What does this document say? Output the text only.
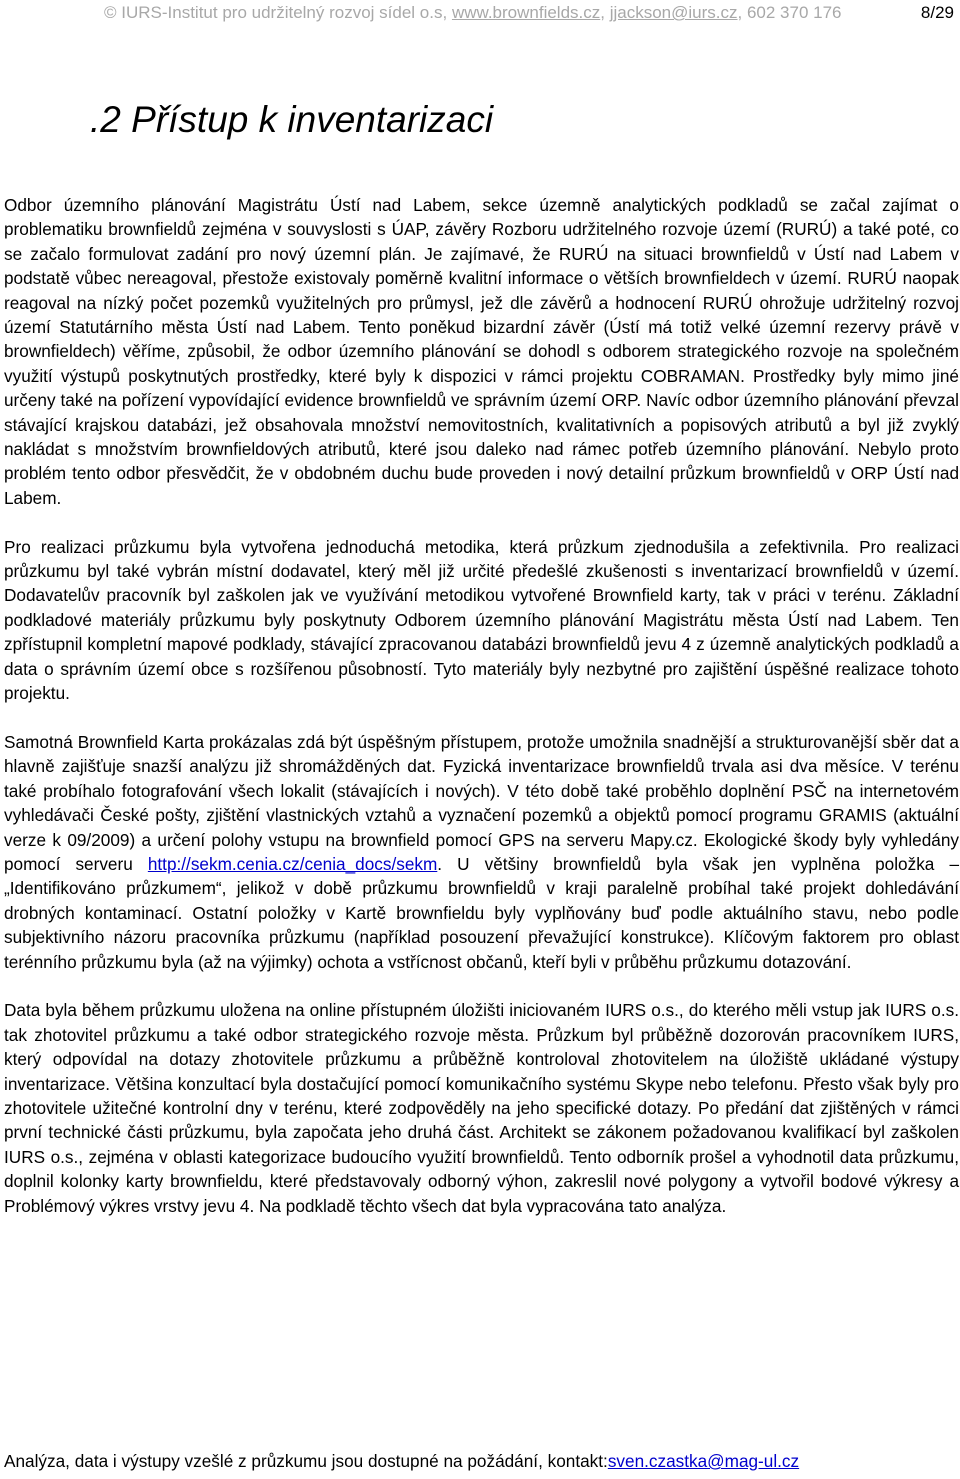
© IURS-Institut pro udržitelný rozvoj sídel o.s, www.brownfields.cz, jjackson@iurs.cz, 602 370 176	8/29
.2 Přístup k inventarizaci

Odbor územního plánování Magistrátu Ústí nad Labem, sekce územně analytických podkladů se začal zajímat o problematiku brownfieldů zejména v souvyslosti s ÚAP, závěry Rozboru udržitelného rozvoje území (RURÚ) a také poté, co se začalo formulovat zadání pro nový územní plán. Je zajímavé, že RURÚ na situaci brownfieldů v Ústí nad Labem v podstatě vůbec nereagoval, přestože existovaly poměrně kvalitní informace o větších brownfieldech v území. RURÚ naopak reagoval na nízký počet pozemků využitelných pro průmysl, jež dle závěrů a hodnocení RURÚ ohrožuje udržitelný rozvoj území Statutárního města Ústí nad Labem. Tento poněkud bizardní závěr (Ústí má totiž velké územní rezervy právě v brownfieldech) věříme, způsobil, že odbor územního plánování se dohodl s odborem strategického rozvoje na společném využití výstupů poskytnutých prostředky, které byly k dispozici v rámci projektu COBRAMAN. Prostředky byly mimo jiné určeny také na pořízení vypovídající evidence brownfieldů ve správním území ORP. Navíc odbor územního plánování převzal stávající krajskou databázi, jež obsahovala množství nemovitostních, kvalitativních a popisových atributů a byl již zvyklý nakládat s množstvím brownfieldových atributů, které jsou daleko nad rámec potřeb územního plánování. Nebylo proto problém tento odbor přesvědčit, že v obdobném duchu bude proveden i nový detailní průzkum brownfieldů v ORP Ústí nad Labem.

Pro realizaci průzkumu byla vytvořena jednoduchá metodika, která průzkum zjednodušila a zefektivnila. Pro realizaci průzkumu byl také vybrán místní dodavatel, který měl již určité předešlé zkušenosti s inventarizací brownfieldů v území. Dodavatelův pracovník byl zaškolen jak ve využívání metodikou vytvořené Brownfield karty, tak v práci v terénu. Základní podkladové materiály průzkumu byly poskytnuty Odborem územního plánování Magistrátu města Ústí nad Labem. Ten zpřístupnil kompletní mapové podklady, stávající zpracovanou databázi brownfieldů jevu 4 z územně analytických podkladů a data o správním území obce s rozšířenou působností. Tyto materiály byly nezbytné pro zajištění úspěšné realizace tohoto projektu.

Samotná Brownfield Karta prokázalas zdá být úspěšným přístupem, protože umožnila snadnější a strukturovanější sběr dat a hlavně zajišťuje snazší analýzu již shromážděných dat. Fyzická inventarizace brownfieldů trvala asi dva měsíce. V terénu také probíhalo fotografování všech lokalit (stávajících i nových). V této době také proběhlo doplnění PSČ na internetovém vyhledávači České pošty, zjištění vlastnických vztahů a vyznačení pozemků a objektů pomocí programu GRAMIS (aktuální verze k 09/2009) a určení polohy vstupu na brownfield pomocí GPS na serveru Mapy.cz. Ekologické škody byly vyhledány pomocí serveru http://sekm.cenia.cz/cenia_docs/sekm. U většiny brownfieldů byla však jen vyplněna položka – „Identifikováno průzkumem“, jelikož v době průzkumu brownfieldů v kraji paralelně probíhal také projekt dohledávání drobných kontaminací. Ostatní položky v Kartě brownfieldu byly vyplňovány buď podle aktuálního stavu, nebo podle subjektivního názoru pracovníka průzkumu (například posouzení převažující konstrukce). Klíčovým faktorem pro oblast terénního průzkumu byla (až na výjimky) ochota a vstřícnost občanů, kteří byli v průběhu průzkumu dotazování.

Data byla během průzkumu uložena na online přístupném úložišti iniciovaném IURS o.s., do kterého měli vstup jak IURS o.s. tak zhotovitel průzkumu a také odbor strategického rozvoje města. Průzkum byl průběžně dozorován pracovníkem IURS, který odpovídal na dotazy zhotovitele průzkumu a průběžně kontroloval zhotovitelem na úložiště ukládané výstupy inventarizace. Většina konzultací byla dostačující pomocí komunikačního systému Skype nebo telefonu. Přesto však byly pro zhotovitele užitečné kontrolní dny v terénu, které zodpověděly na jeho specifické dotazy. Po předání dat zjištěných v rámci první technické části průzkumu, byla započata jeho druhá část. Architekt se zákonem požadovanou kvalifikací byl zaškolen IURS o.s., zejména v oblasti kategorizace budoucího využití brownfieldů. Tento odborník prošel a vyhodnotil data průzkumu, doplnil kolonky karty brownfieldu, které představovaly odborný výhon, zakreslil nové polygony a vytvořil bodové výkresy a Problémový výkres vrstvy jevu 4. Na podkladě těchto všech dat byla vypracována tato analýza.

Analýza, data i výstupy vzešlé z průzkumu jsou dostupné na požádání, kontakt:sven.czastka@mag-ul.cz
